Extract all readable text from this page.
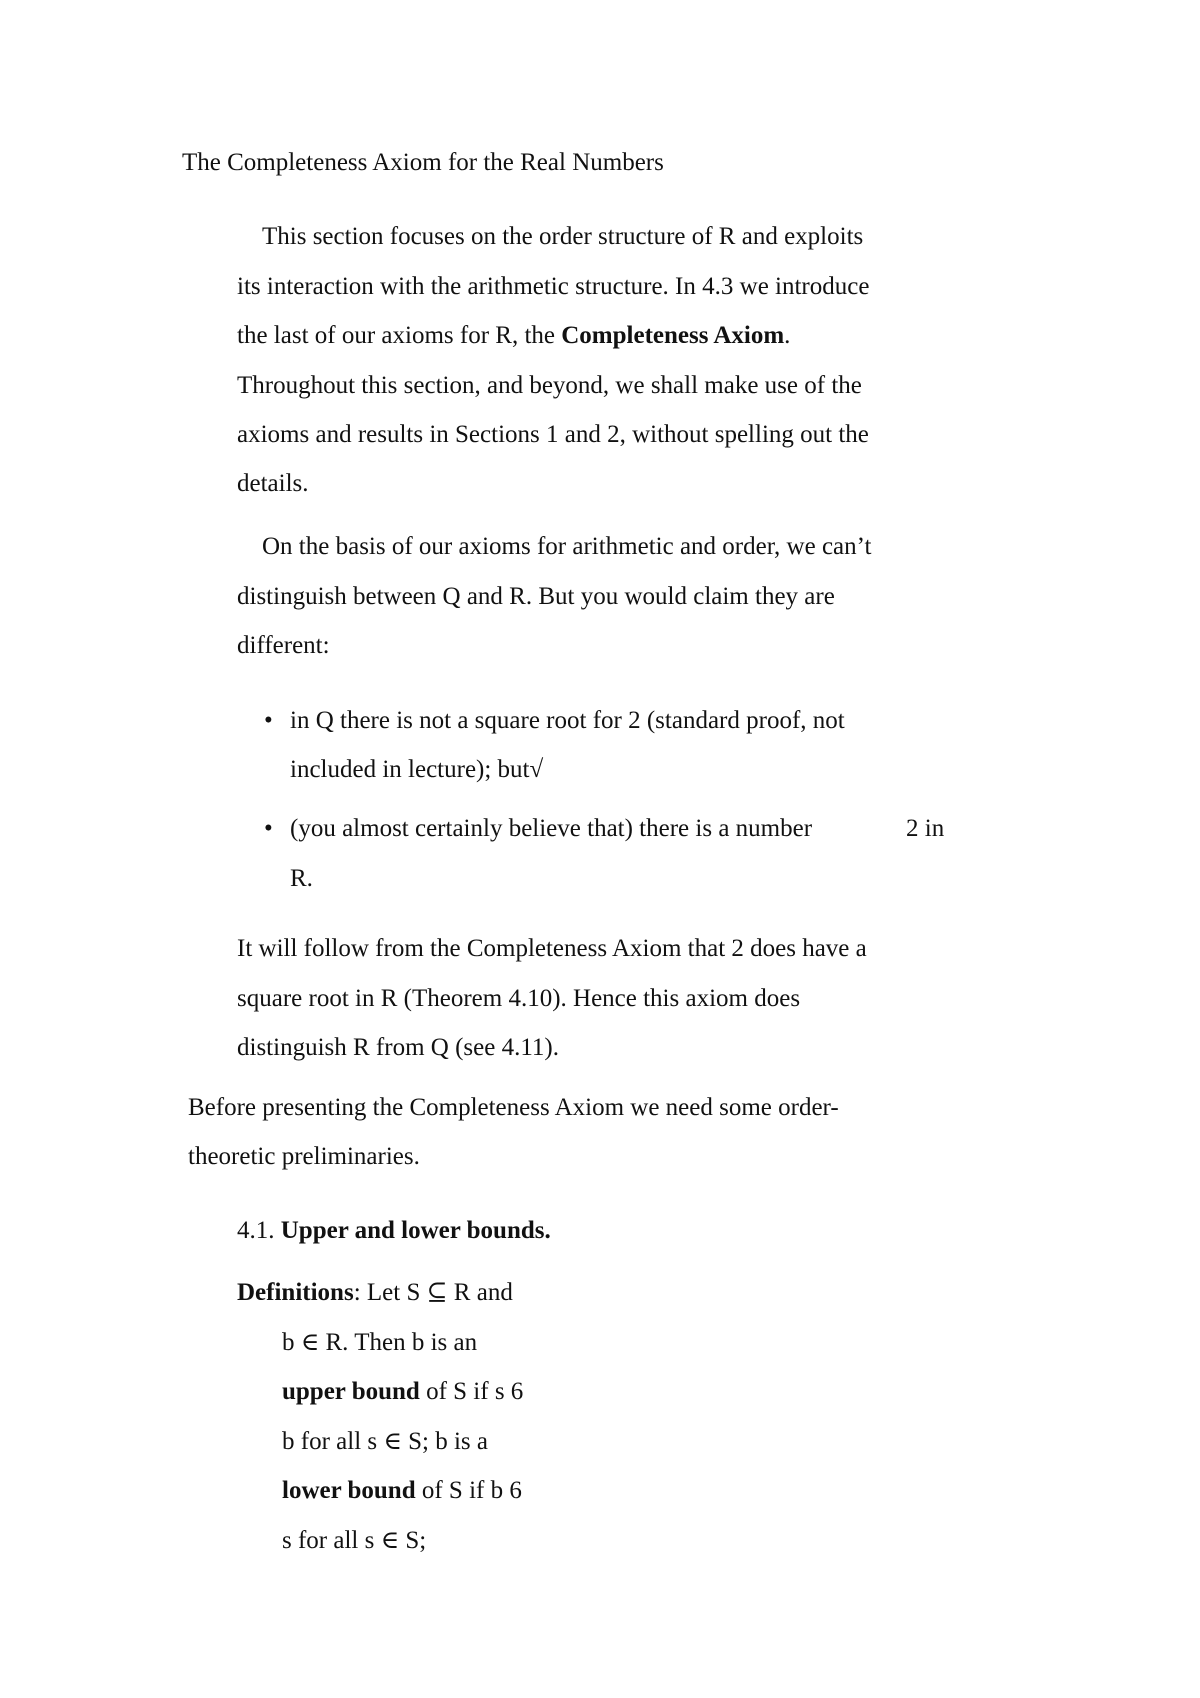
The Completeness Axiom for the Real Numbers
This section focuses on the order structure of R and exploits
its interaction with the arithmetic structure. In 4.3 we introduce
the last of our axioms for R, the Completeness Axiom.
Throughout this section, and beyond, we shall make use of the
axioms and results in Sections 1 and 2, without spelling out the
details.
On the basis of our axioms for arithmetic and order, we can’t
distinguish between Q and R. But you would claim they are
different:
• in Q there is not a square root for 2 (standard proof, not
included in lecture); but√
• (you almost certainly believe that) there is a number	2 in
R.
It will follow from the Completeness Axiom that 2 does have a
square root in R (Theorem 4.10). Hence this axiom does
distinguish R from Q (see 4.11).
Before presenting the Completeness Axiom we need some order-
theoretic preliminaries.
4.1. Upper and lower bounds.
Definitions: Let S ⊆ R and
b ∈ R. Then b is an
upper bound of S if s 6
b for all s ∈ S; b is a
lower bound of S if b 6
s for all s ∈ S;
